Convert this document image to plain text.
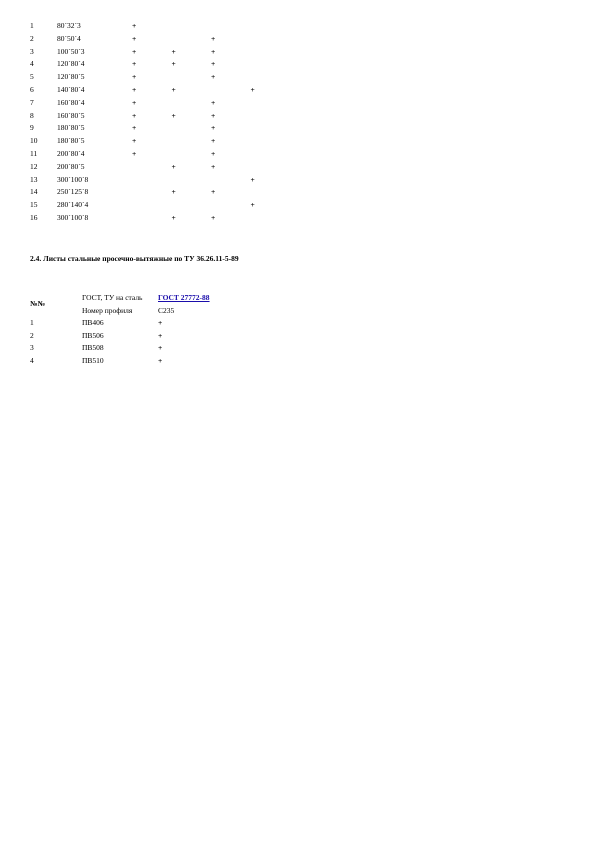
1	80´32´3	+			
2	80´50´4	+		+	
3	100´50´3	+	+	+	
4	120´80´4	+	+	+	
5	120´80´5	+		+	
6	140´80´4	+	+		+
7	160´80´4	+		+	
8	160´80´5	+	+	+	
9	180´80´5	+		+	
10	180´80´5	+		+	
11	200´80´4	+		+	
12	200´80´5		+	+	
13	300´100´8				+
14	250´125´8		+	+	
15	280´140´4				+
16	300´100´8		+	+	
2.4. Листы стальные просечно-вытяжные по ТУ 36.26.11-5-89
№№	ГОСТ, ТУ на сталь	ГОСТ 27772-88
	Номер профиля	С235
1	ПВ406	+
2	ПВ506	+
3	ПВ508	+
4	ПВ510	+
